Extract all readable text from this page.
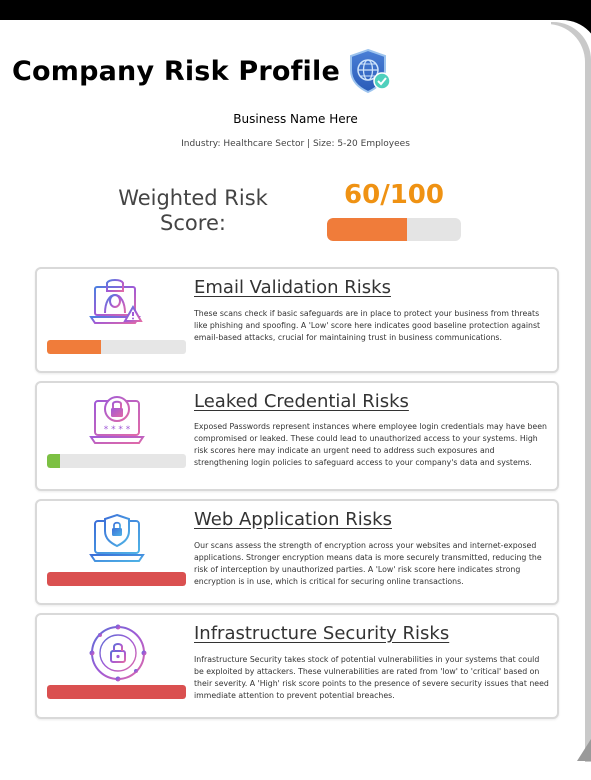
Company Risk Profile
Business Name Here
Industry: Healthcare Sector | Size: 5-20 Employees
Weighted Risk Score:
60/100
Email Validation Risks

These scans check if basic safeguards are in place to protect your business from threats like phishing and spoofing. A 'Low' score here indicates good baseline protection against email-based attacks, crucial for maintaining trust in business communications.

* * * *
Leaked Credential Risks

Exposed Passwords represent instances where employee login credentials may have been compromised or leaked. These could lead to unauthorized access to your systems. High risk scores here may indicate an urgent need to address such exposures and strengthening login policies to safeguard access to your company's data and systems.

Web Application Risks

Our scans assess the strength of encryption across your websites and internet-exposed applications. Stronger encryption means data is more securely transmitted, reducing the risk of interception by unauthorized parties. A 'Low' risk score here indicates strong encryption is in use, which is critical for securing online transactions.

Infrastructure Security Risks

Infrastructure Security takes stock of potential vulnerabilities in your systems that could be exploited by attackers. These vulnerabilities are rated from 'low' to 'critical' based on their severity. A 'High' risk score points to the presence of severe security issues that need immediate attention to prevent potential breaches.
